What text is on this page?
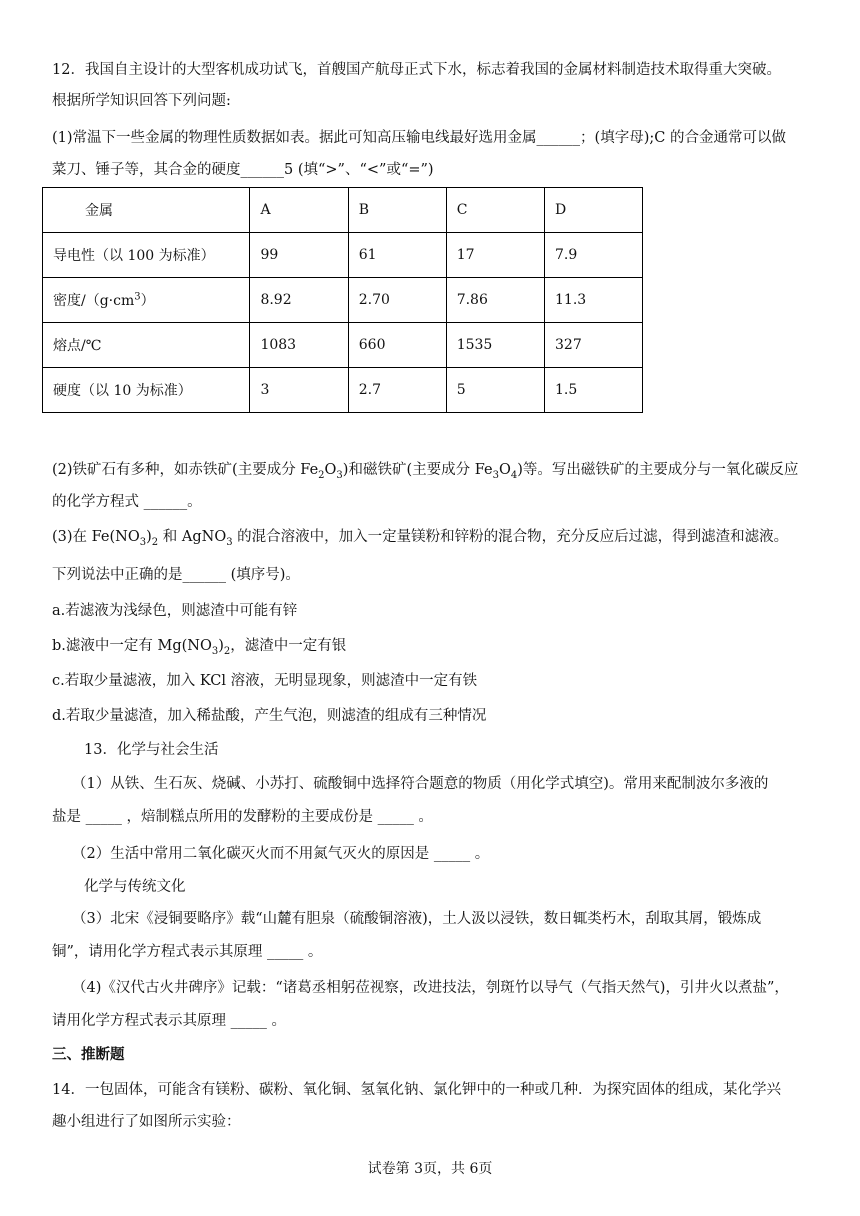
12．我国自主设计的大型客机成功试飞，首艘国产航母正式下水，标志着我国的金属材料制造技术取得重大突破。
根据所学知识回答下列问题:
(1)常温下一些金属的物理性质数据如表。据此可知高压输电线最好选用金属______；(填字母);C 的合金通常可以做
菜刀、锤子等，其合金的硬度______5 (填“>”、“<”或“=”)
金属	A	B	C	D
导电性（以 100 为标准）	99	61	17	7.9
密度$/(g\cdot cm^3)$	8.92	2.70	7.86	11.3
熔点/℃	1083	660	1535	327
硬度（以 10 为标准）	3	2.7	5	1.5
(2)铁矿石有多种，如赤铁矿(主要成分 $Fe_2O_3$)和磁铁矿(主要成分 $Fe_3O_4$)等。写出磁铁矿的主要成分与一氧化碳反应
的化学方程式 ______。
(3)在 $Fe(NO_3)_2$ 和 AgNO$_3$ 的混合溶液中，加入一定量镁粉和锌粉的混合物，充分反应后过滤，得到滤渣和滤液。
下列说法中正确的是______ (填序号)。
a.若滤液为浅绿色，则滤渣中可能有锌
b.滤液中一定有 $Mg(NO_3)_2$，滤渣中一定有银
c.若取少量滤液，加入 KCl 溶液，无明显现象，则滤渣中一定有铁
d.若取少量滤渣，加入稀盐酸，产生气泡，则滤渣的组成有三种情况
13．化学与社会生活
（1）从铁、生石灰、烧碱、小苏打、硫酸铜中选择符合题意的物质（用化学式填空)。常用来配制波尔多液的
盐是 _____ ，焙制糕点所用的发酵粉的主要成份是 _____ 。
（2）生活中常用二氧化碳灭火而不用氮气灭火的原因是 _____ 。
化学与传统文化
（3）北宋《浸铜要略序》载“山麓有胆泉（硫酸铜溶液)，土人汲以浸铁，数日辄类朽木，刮取其屑，锻炼成
铜”，请用化学方程式表示其原理 _____ 。
（4)《汉代古火井碑序》记载：“诸葛丞相躬莅视察，改进技法，刳斑竹以导气（气指天然气)，引井火以煮盐”，
请用化学方程式表示其原理 _____ 。
三、推断题
14．一包固体，可能含有镁粉、碳粉、氧化铜、氢氧化钠、氯化钾中的一种或几种．为探究固体的组成，某化学兴
趣小组进行了如图所示实验：
试卷第 3页，共 6页
